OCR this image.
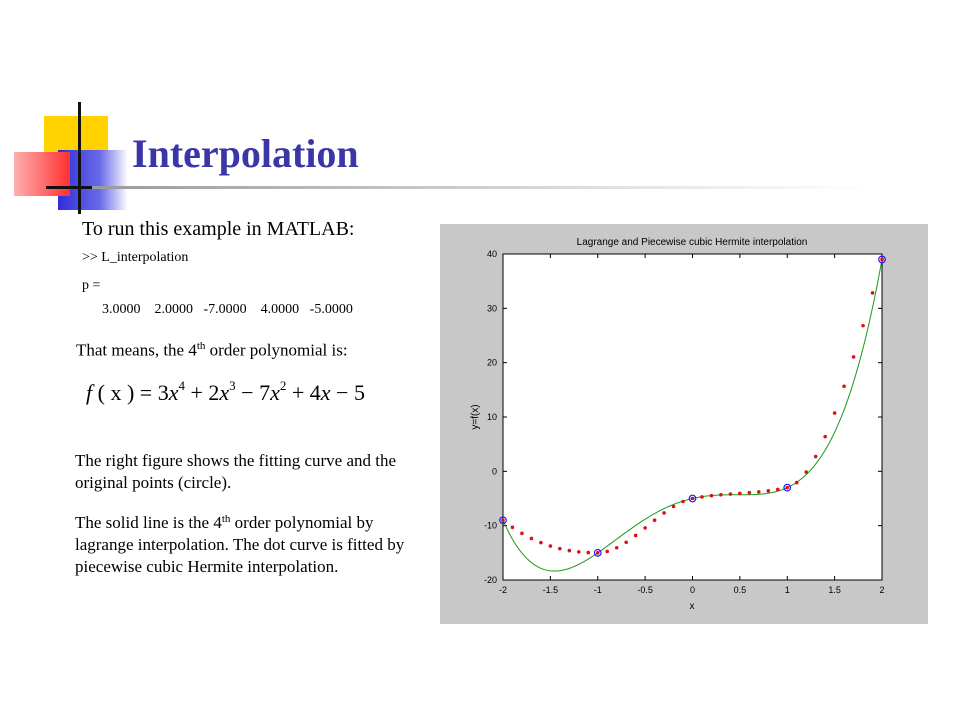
Interpolation
To run this example in MATLAB:
>> L_interpolation
p =
3.0000    2.0000   -7.0000    4.0000   -5.0000
That means, the 4th order polynomial is:
f ( x ) = $3x^4 + 2x^3 - 7x^2 + 4x - 5$
The right figure shows the fitting curve and the original points (circle).
The solid line is the 4th order polynomial by lagrange interpolation. The dot curve is fitted by piecewise cubic Hermite interpolation.
Lagrange and Piecewise cubic Hermite interpolation
x
y=f(x)
-2	-1.5	-1	-0.5	0	0.5	1	1.5	2
-20
-10
0
10
20
30
40
